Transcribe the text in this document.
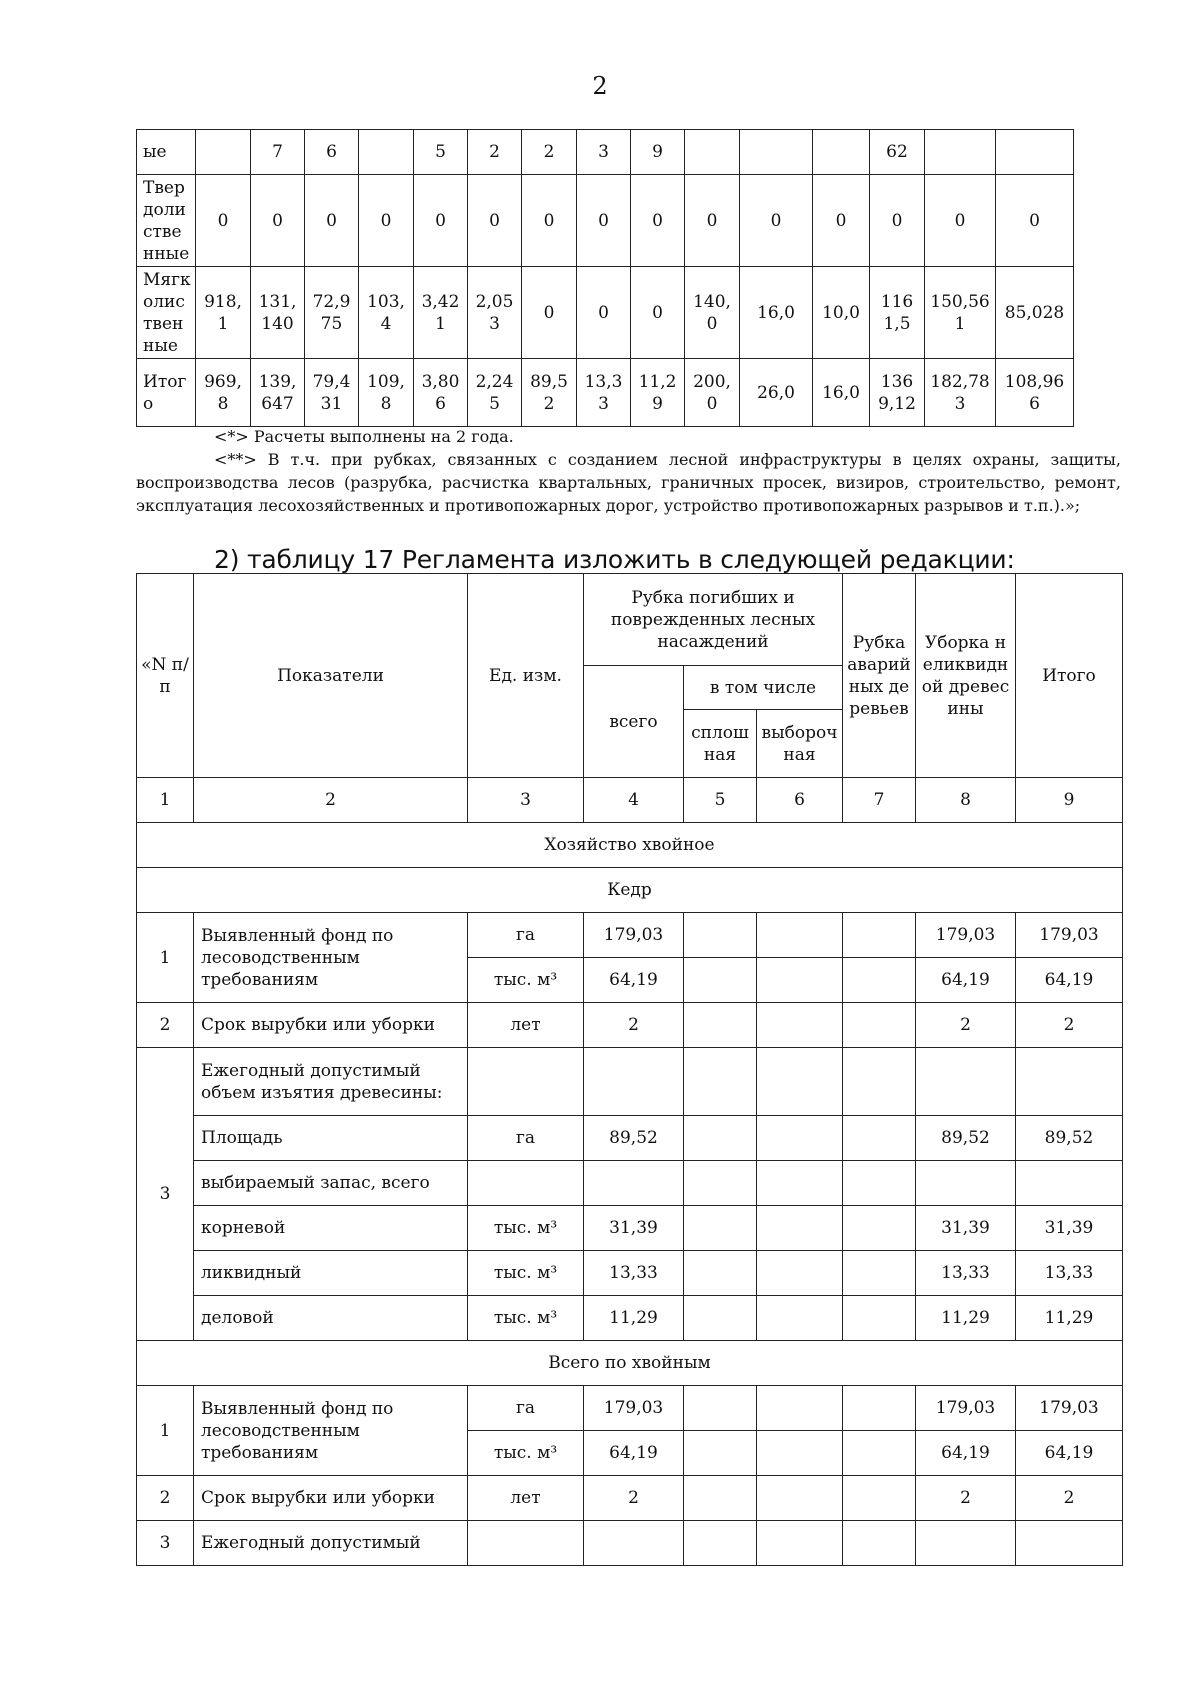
2
ые		7	6		5	2	2	3	9				62		
Твердолиственные	0	0	0	0	0	0	0	0	0	0	0	0	0	0	0
Мягколиственные	918,1	131,140	72,975	103,4	3,421	2,053	0	0	0	140,0	16,0	10,0	1161,5	150,561	85,028
Итого	969,8	139,647	79,431	109,8	3,806	2,245	89,52	13,33	11,29	200,0	26,0	16,0	1369,12	182,783	108,966
<*> Расчеты выполнены на 2 года.
<**> В т.ч. при рубках, связанных с созданием лесной инфраструктуры в целях охраны, защиты, воспроизводства лесов (разрубка, расчистка квартальных, граничных просек, визиров, строительство, ремонт, эксплуатация лесохозяйственных и противопожарных дорог, устройство противопожарных разрывов и т.п.).»;
2) таблицу 17 Регламента изложить в следующей редакции:
«N п/п	Показатели	Ед. изм.	Рубка погибших и поврежденных лесных насаждений			Рубка аварийных деревьев	Уборка неликвидной древесины	Итого
			всего	в том числе				
				сплошная	выборочная			
1	2	3	4	5	6	7	8	9
Хозяйство хвойное								
Кедр								
1	Выявленный фонд по лесоводственным требованиям	га	179,03				179,03	179,03
		тыс. м³	64,19				64,19	64,19
2	Срок вырубки или уборки	лет	2				2	2
3	Ежегодный допустимый объем изъятия древесины:							
	Площадь	га	89,52				89,52	89,52
	выбираемый запас, всего							
	корневой	тыс. м³	31,39				31,39	31,39
	ликвидный	тыс. м³	13,33				13,33	13,33
	деловой	тыс. м³	11,29				11,29	11,29
Всего по хвойным								
1	Выявленный фонд по лесоводственным требованиям	га	179,03				179,03	179,03
		тыс. м³	64,19				64,19	64,19
2	Срок вырубки или уборки	лет	2				2	2
3	Ежегодный допустимый							
